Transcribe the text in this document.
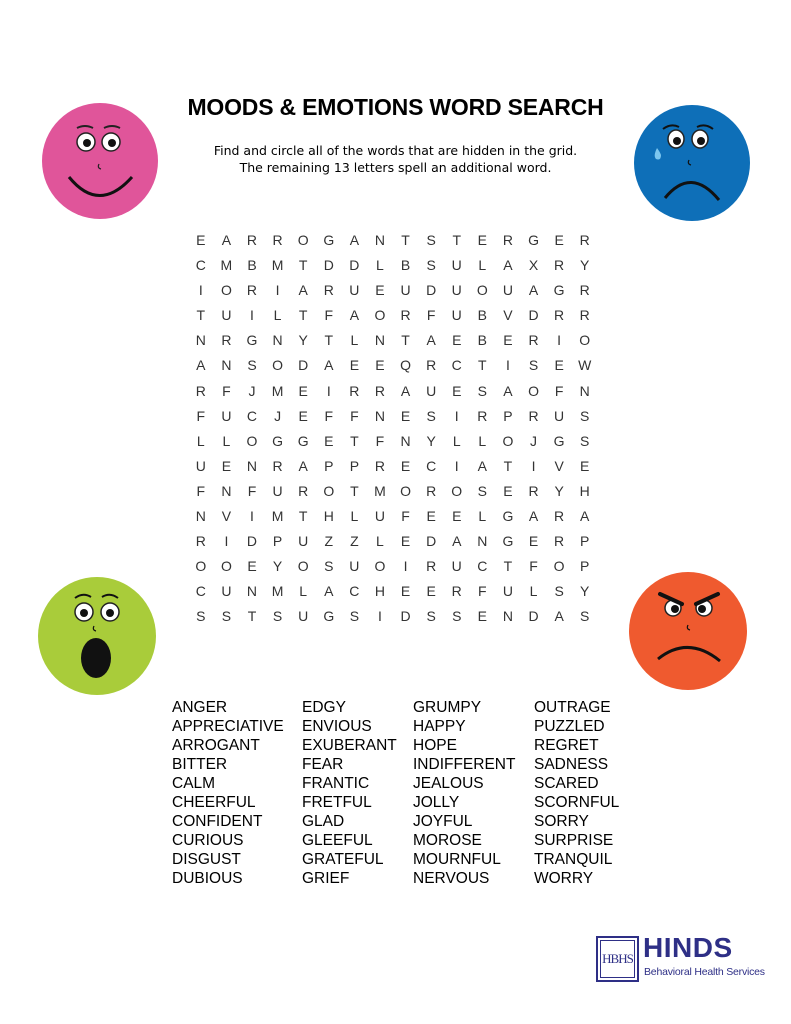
MOODS & EMOTIONS WORD SEARCH
Find and circle all of the words that are hidden in the grid.
The remaining 13 letters spell an additional word.
E	A	R	R	O	G	A	N	T	S	T	E	R	G	E	R
C	M	B	M	T	D	D	L	B	S	U	L	A	X	R	Y
I	O	R	I	A	R	U	E	U	D	U	O	U	A	G	R
T	U	I	L	T	F	A	O	R	F	U	B	V	D	R	R
N	R	G	N	Y	T	L	N	T	A	E	B	E	R	I	O
A	N	S	O	D	A	E	E	Q	R	C	T	I	S	E	W
R	F	J	M	E	I	R	R	A	U	E	S	A	O	F	N
F	U	C	J	E	F	F	N	E	S	I	R	P	R	U	S
L	L	O	G	G	E	T	F	N	Y	L	L	O	J	G	S
U	E	N	R	A	P	P	R	E	C	I	A	T	I	V	E
F	N	F	U	R	O	T	M	O	R	O	S	E	R	Y	H
N	V	I	M	T	H	L	U	F	E	E	L	G	A	R	A
R	I	D	P	U	Z	Z	L	E	D	A	N	G	E	R	P
O	O	E	Y	O	S	U	O	I	R	U	C	T	F	O	P
C	U	N	M	L	A	C	H	E	E	R	F	U	L	S	Y
S	S	T	S	U	G	S	I	D	S	S	E	N	D	A	S
ANGER
APPRECIATIVE
ARROGANT
BITTER
CALM
CHEERFUL
CONFIDENT
CURIOUS
DISGUST
DUBIOUS
EDGY
ENVIOUS
EXUBERANT
FEAR
FRANTIC
FRETFUL
GLAD
GLEEFUL
GRATEFUL
GRIEF
GRUMPY
HAPPY
HOPE
INDIFFERENT
JEALOUS
JOLLY
JOYFUL
MOROSE
MOURNFUL
NERVOUS
OUTRAGE
PUZZLED
REGRET
SADNESS
SCARED
SCORNFUL
SORRY
SURPRISE
TRANQUIL
WORRY
HBHS HINDS
Behavioral Health Services
